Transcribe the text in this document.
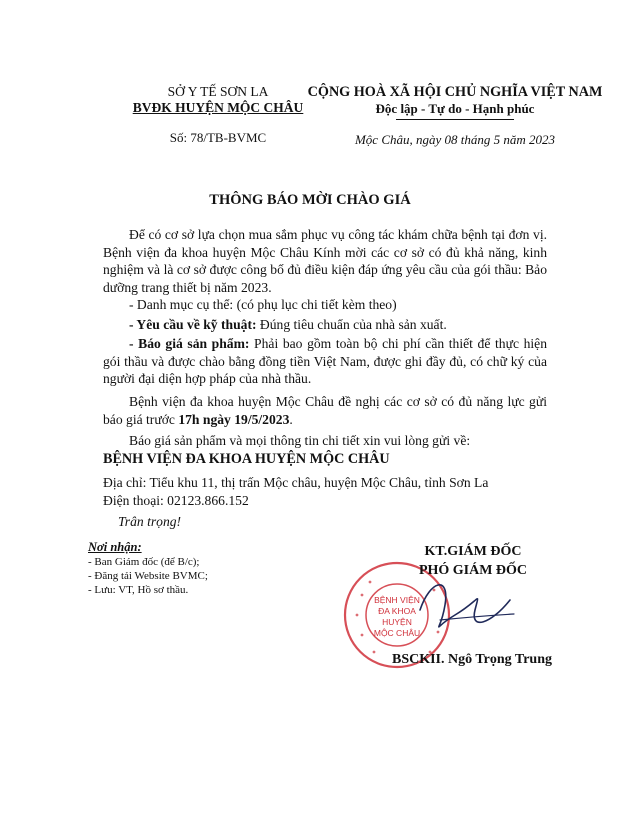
SỞ Y TẾ SƠN LA
BVĐK HUYỆN MỘC CHÂU
Số: 78/TB-BVMC
CỘNG HOÀ XÃ HỘI CHỦ NGHĨA VIỆT NAM
Độc lập - Tự do - Hạnh phúc
Mộc Châu, ngày 08 tháng 5 năm 2023
THÔNG BÁO MỜI CHÀO GIÁ
Để có cơ sở lựa chọn mua sắm phục vụ công tác khám chữa bệnh tại đơn vị. Bệnh viện đa khoa huyện Mộc Châu Kính mời các cơ sở có đủ khả năng, kinh nghiệm và là cơ sở được công bố đủ điều kiện đáp ứng yêu cầu của gói thầu: Bảo dưỡng trang thiết bị năm 2023.
- Danh mục cụ thể: (có phụ lục chi tiết kèm theo)
- Yêu cầu về kỹ thuật: Đúng tiêu chuẩn của nhà sản xuất.
- Báo giá sản phẩm: Phải bao gồm toàn bộ chi phí cần thiết để thực hiện gói thầu và được chào bằng đồng tiền Việt Nam, được ghi đầy đủ, có chữ ký của người đại diện hợp pháp của nhà thầu.
Bệnh viện đa khoa huyện Mộc Châu đề nghị các cơ sở có đủ năng lực gửi báo giá trước 17h ngày 19/5/2023.
Báo giá sản phẩm và mọi thông tin chi tiết xin vui lòng gửi về:
BỆNH VIỆN ĐA KHOA HUYỆN MỘC CHÂU
Địa chỉ: Tiểu khu 11, thị trấn Mộc châu, huyện Mộc Châu, tỉnh Sơn La
Điện thoại: 02123.866.152
Trân trọng!
Nơi nhận:
- Ban Giám đốc (để B/c);
- Đăng tải Website BVMC;
- Lưu: VT, Hồ sơ thầu.
BỆNH VIỆN
ĐA KHOA
HUYỆN
MỘC CHÂU
KT.GIÁM ĐỐC
PHÓ GIÁM ĐỐC
BSCKII. Ngô Trọng Trung
